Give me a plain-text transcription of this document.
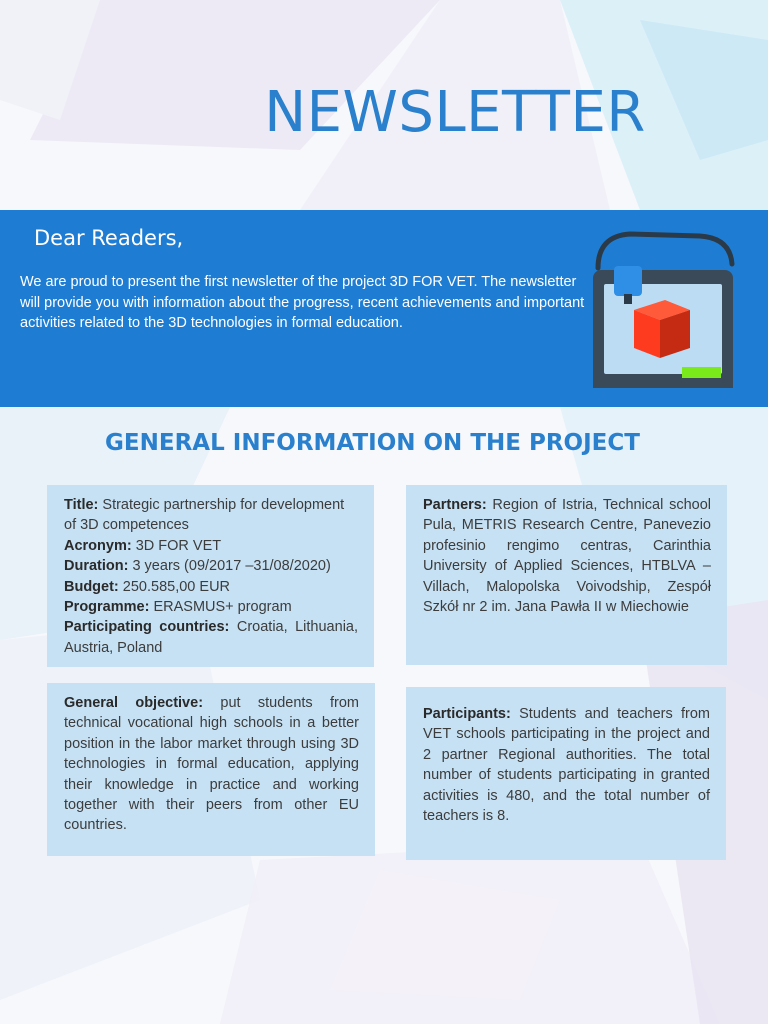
NEWSLETTER
Dear Readers,
We are proud to present the first newsletter of the project 3D FOR VET. The newsletter will provide you with information about the progress, recent achievements and important activities related to the 3D technologies in formal education.
GENERAL INFORMATION ON THE PROJECT
Title: Strategic partnership for development of 3D competences
Acronym: 3D FOR VET
Duration: 3 years (09/2017 –31/08/2020)
Budget: 250.585,00 EUR
Programme: ERASMUS+ program
Participating countries: Croatia, Lithuania, Austria, Poland
Partners: Region of Istria, Technical school Pula, METRIS Research Centre, Panevezio profesinio rengimo centras, Carinthia University of Applied Sciences, HTBLVA –Villach, Malopolska Voivodship, Zespół Szkół nr 2 im. Jana Pawła II w Miechowie
General objective: put students from technical vocational high schools in a better position in the labor market through using 3D technologies in formal education, applying their knowledge in practice and working together with their peers from other EU countries.
Participants: Students and teachers from VET schools participating in the project and 2 partner Regional authorities. The total number of students participating in granted activities is 480, and the total number of teachers is 8.
